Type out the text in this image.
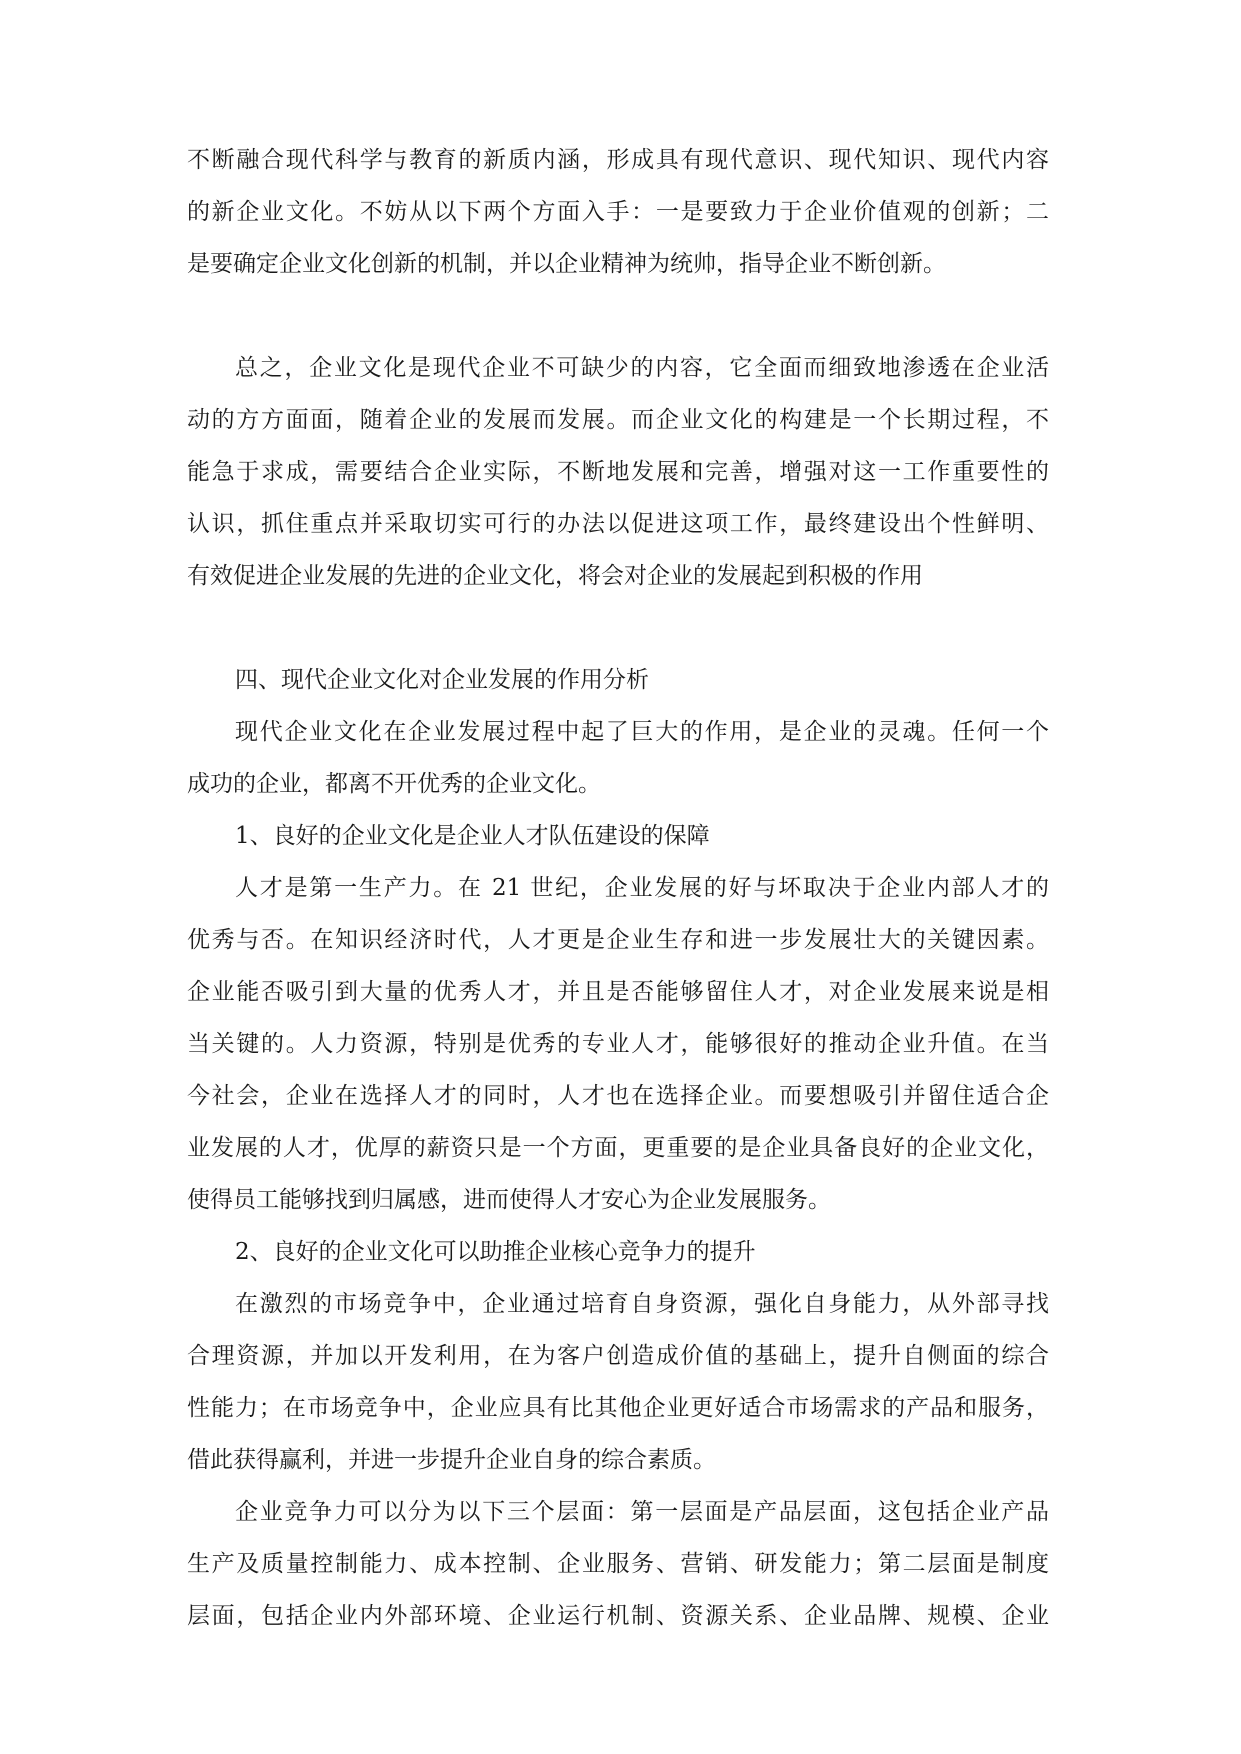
不断融合现代科学与教育的新质内涵，形成具有现代意识、现代知识、现代内容

的新企业文化。不妨从以下两个方面入手：一是要致力于企业价值观的创新；二

是要确定企业文化创新的机制，并以企业精神为统帅，指导企业不断创新。

总之，企业文化是现代企业不可缺少的内容，它全面而细致地渗透在企业活

动的方方面面，随着企业的发展而发展。而企业文化的构建是一个长期过程，不

能急于求成，需要结合企业实际，不断地发展和完善，增强对这一工作重要性的

认识，抓住重点并采取切实可行的办法以促进这项工作，最终建设出个性鲜明、

有效促进企业发展的先进的企业文化，将会对企业的发展起到积极的作用

四、现代企业文化对企业发展的作用分析

现代企业文化在企业发展过程中起了巨大的作用，是企业的灵魂。任何一个

成功的企业，都离不开优秀的企业文化。

1、良好的企业文化是企业人才队伍建设的保障

人才是第一生产力。在 21 世纪，企业发展的好与坏取决于企业内部人才的

优秀与否。在知识经济时代，人才更是企业生存和进一步发展壮大的关键因素。

企业能否吸引到大量的优秀人才，并且是否能够留住人才，对企业发展来说是相

当关键的。人力资源，特别是优秀的专业人才，能够很好的推动企业升值。在当

今社会，企业在选择人才的同时，人才也在选择企业。而要想吸引并留住适合企

业发展的人才，优厚的薪资只是一个方面，更重要的是企业具备良好的企业文化，

使得员工能够找到归属感，进而使得人才安心为企业发展服务。

2、良好的企业文化可以助推企业核心竞争力的提升

在激烈的市场竞争中，企业通过培育自身资源，强化自身能力，从外部寻找

合理资源，并加以开发利用，在为客户创造成价值的基础上，提升自侧面的综合

性能力；在市场竞争中，企业应具有比其他企业更好适合市场需求的产品和服务，

借此获得赢利，并进一步提升企业自身的综合素质。

企业竞争力可以分为以下三个层面：第一层面是产品层面，这包括企业产品

生产及质量控制能力、成本控制、企业服务、营销、研发能力；第二层面是制度

层面，包括企业内外部环境、企业运行机制、资源关系、企业品牌、规模、企业
